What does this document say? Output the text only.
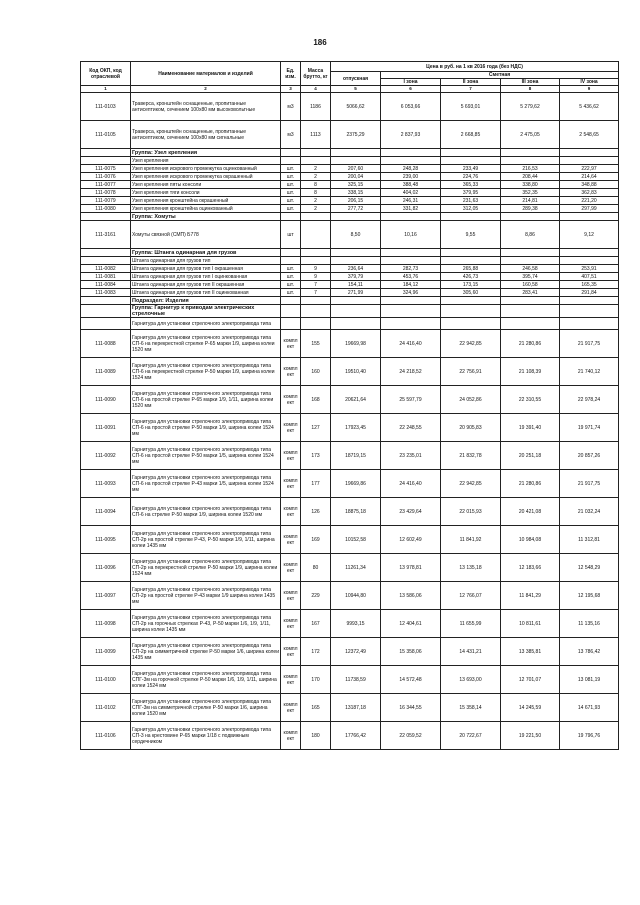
186
Код ОКП, код отраслевой	Наименование материалов и изделий	Ед. изм.	Масса брутто, кг	Цена в руб. на 1 кв 2016 года (без НДС)				
				отпускная	Сметная			
					I зона	II зона	III зона	IV зона
1	2	3	4	5	6	7	8	9
111-0103	Траверса, кронштейн оснащенные, пропитанные антисептиком, сечением 100х80 мм высоковольтные	м3	1186	5066,62	6 053,66	5 693,01	5 279,62	5 436,62
111-0105	Траверса, кронштейн оснащенные, пропитанные антисептиком, сечением 100х80 мм сигнальные	м3	1113	2375,29	2 837,93	2 668,85	2 475,05	2 548,65
	Группа: Узел крепления							
	Узел крепления							
111-0075	Узел крепления искрового промежутка оцинкованный	шт.	2	207,60	248,28	233,49	216,53	222,97
111-0076	Узел крепления искрового промежутка окрашенный	шт.	2	200,04	239,00	224,76	208,44	214,64
111-0077	Узел крепления пяты консоли	шт.	8	325,15	388,48	365,33	338,80	348,88
111-0078	Узел крепления тяги консоли	шт.	8	338,15	404,02	379,95	352,35	362,83
111-0079	Узел крепления кронштейна окрашенный	шт.	2	206,15	246,31	231,63	214,81	221,20
111-0080	Узел крепления кронштейна оцинкованный	шт.	2	277,72	331,82	312,05	289,38	297,99
	Группа: Хомуты							
111-3161	Хомуты связной (СМП) Б778	шт		8,50	10,16	9,55	8,86	9,12
	Группа: Штанга одинарная для грузов							
	Штанга одинарная для грузов тип							
111-0082	Штанга одинарная для грузов тип I окрашенная	шт.	9	236,64	282,73	265,88	246,58	253,91
111-0081	Штанга одинарная для грузов тип I оцинкованная	шт.	9	379,79	453,76	426,73	395,74	407,51
111-0084	Штанга одинарная для грузов тип II окрашенная	шт.	7	154,11	184,12	173,15	160,58	165,35
111-0083	Штанга одинарная для грузов тип II оцинкованная	шт.	7	271,99	324,96	305,60	283,41	291,84
	Подраздел: Изделия							
	Группа: Гарнитур к приводам электрических стрелочные							
	Гарнитура для установки стрелочного электропривода типа							
111-0088	Гарнитура для установки стрелочного электропривода типа СП-6 на перекрестной стрелке Р-65 марки 1/9, ширина колеи 1520 мм	компл ект	155	19669,98	24 416,40	22 942,85	21 280,86	21 917,75
111-0089	Гарнитура для установки стрелочного электропривода типа СП-6 на перекрестной стрелке Р-50 марки 1/9, ширина колеи 1524 мм	компл ект	160	19510,40	24 218,52	22 756,91	21 108,39	21 740,12
111-0090	Гарнитура для установки стрелочного электропривода типа СП-6 на простой стрелке Р-65 марки 1/9, 1/11, ширина колеи 1520 мм	компл ект	168	20621,64	25 597,79	24 052,86	22 310,55	22 978,24
111-0091	Гарнитура для установки стрелочного электропривода типа СП-6 на простой стрелке Р-50 марки 1/9, ширина колеи 1524 мм	компл ект	127	17923,45	22 248,55	20 905,83	19 391,40	19 971,74
111-0092	Гарнитура для установки стрелочного электропривода типа СП-6 на простой стрелке Р-50 марки 1/5, ширина колеи 1524 мм	компл ект	173	18719,15	23 235,01	21 832,78	20 251,18	20 857,26
111-0093	Гарнитура для установки стрелочного электропривода типа СП-6 на простой стрелке Р-43 марки 1/5, ширина колеи 1524 мм	компл ект	177	19669,86	24 416,40	22 942,85	21 280,86	21 917,75
111-0094	Гарнитура для установки стрелочного электропривода типа СП-6 на стрелке Р-50 марки 1/9, ширина колеи 1520 мм	компл ект	126	18875,18	23 429,64	22 015,93	20 421,08	21 032,24
111-0095	Гарнитура для установки стрелочного электропривода типа СП-2р на простой стрелке Р-43, Р-50 марки 1/9, 1/11, ширина колеи 1435 мм	компл ект	169	10152,58	12 602,49	11 841,92	10 984,08	11 312,81
111-0096	Гарнитура для установки стрелочного электропривода типа СП-2р на перекрестной стрелке Р-50 марки 1/9, ширина колеи 1524 мм	компл ект	80	11261,34	13 978,81	13 135,18	12 183,66	12 548,29
111-0097	Гарнитура для установки стрелочного электропривода типа СП-2р на простой стрелке Р-43 марки 1/9 ширина колеи 1435 мм	компл ект	229	10944,80	13 586,06	12 766,07	11 841,29	12 195,68
111-0098	Гарнитура для установки стрелочного электропривода типа СП-2р на горочных стрелках Р-43, Р-50 марки 1/6, 1/9, 1/11, ширина колеи 1435 мм	компл ект	167	9993,15	12 404,61	11 655,99	10 811,61	11 135,16
111-0099	Гарнитура для установки стрелочного электропривода типа СП-2р на симметричной стрелке Р-50 марки 1/6, ширина колеи 1435 мм	компл ект	172	12372,49	15 358,06	14 431,21	13 385,81	13 786,42
111-0100	Гарнитура для установки стрелочного электропривода типа СПГ-3м на горочной стрелке Р-50 марки 1/6, 1/9, 1/11, ширина колеи 1524 мм	компл ект	170	11738,59	14 572,48	13 693,00	12 701,07	13 081,19
111-0102	Гарнитура для установки стрелочного электропривода типа СПГ-3м на симметричной стрелке Р-50 марки 1/6, ширина колеи 1520 мм	компл ект	165	13187,18	16 344,55	15 358,14	14 245,59	14 671,93
111-0106	Гарнитура для установки стрелочного электропривода типа СП-3 на крестовине Р-65 марки 1/18 с подвижным сердечником	компл ект	180	17766,42	22 059,52	20 722,67	19 221,50	19 796,76
